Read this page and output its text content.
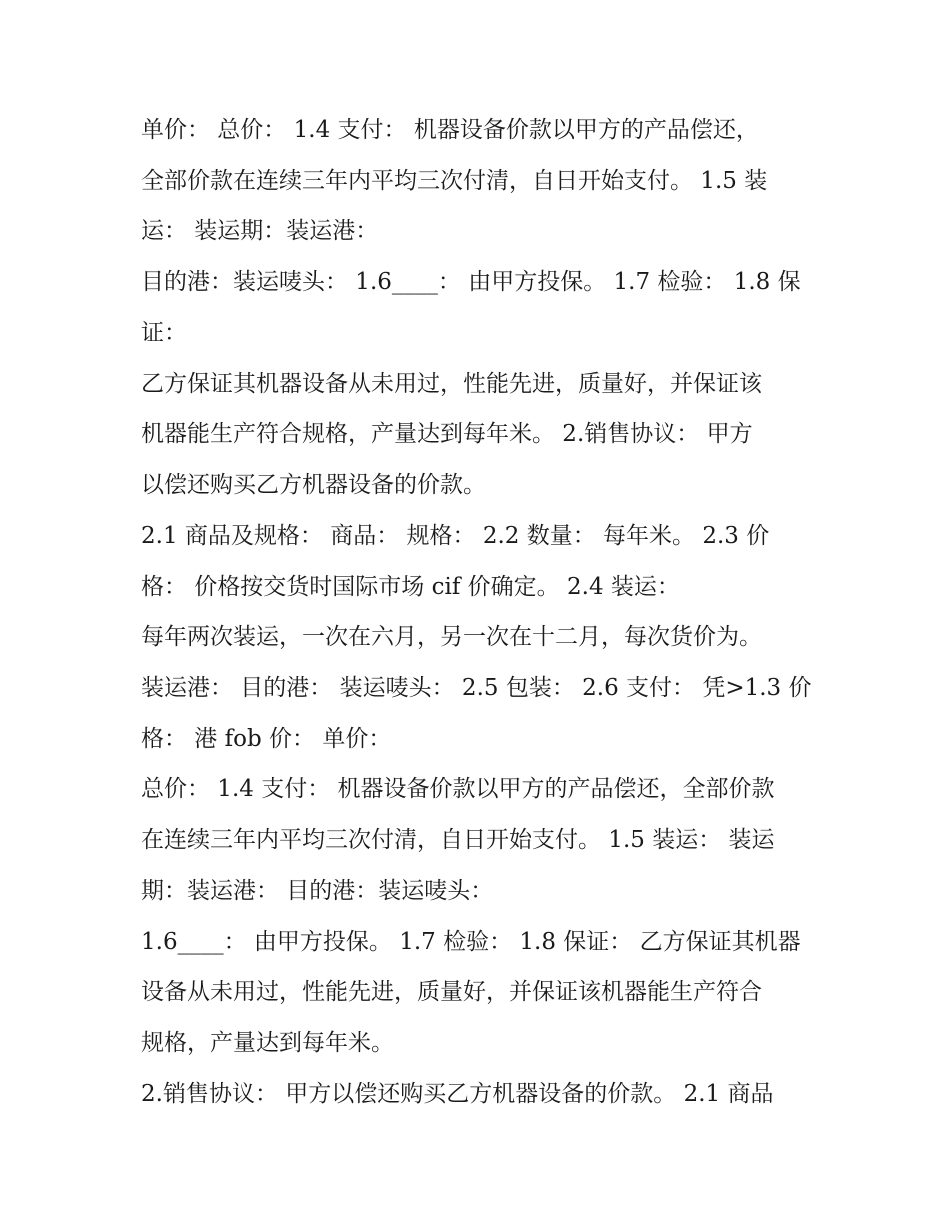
单价： 总价： 1.4 支付： 机器设备价款以甲方的产品偿还，
全部价款在连续三年内平均三次付清，自日开始支付。 1.5 装
运： 装运期：装运港：
目的港：装运唛头： 1.6____： 由甲方投保。 1.7 检验： 1.8 保
证：
乙方保证其机器设备从未用过，性能先进，质量好，并保证该
机器能生产符合规格，产量达到每年米。 2.销售协议： 甲方
以偿还购买乙方机器设备的价款。
2.1 商品及规格： 商品： 规格： 2.2 数量： 每年米。 2.3 价
格： 价格按交货时国际市场 cif 价确定。 2.4 装运：
每年两次装运，一次在六月，另一次在十二月，每次货价为。
装运港： 目的港： 装运唛头： 2.5 包装： 2.6 支付： 凭>1.3 价
格： 港 fob 价： 单价：
总价： 1.4 支付： 机器设备价款以甲方的产品偿还，全部价款
在连续三年内平均三次付清，自日开始支付。 1.5 装运： 装运
期：装运港： 目的港：装运唛头：
1.6____： 由甲方投保。 1.7 检验： 1.8 保证： 乙方保证其机器
设备从未用过，性能先进，质量好，并保证该机器能生产符合
规格，产量达到每年米。
2.销售协议： 甲方以偿还购买乙方机器设备的价款。 2.1 商品
